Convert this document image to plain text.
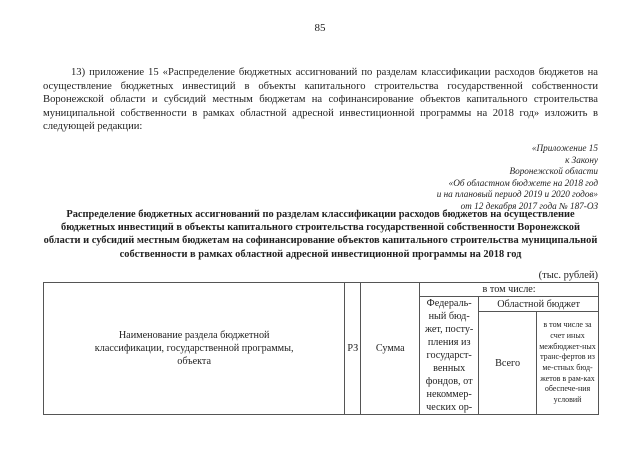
85
13) приложение 15 «Распределение бюджетных ассигнований по разделам классификации расходов бюджетов на осуществление бюджетных инвестиций в объекты капитального строительства государственной собственности Воронежской области и субсидий местным бюджетам на софинансирование объектов капитального строительства муниципальной собственности в рамках областной адресной инвестиционной программы на 2018 год» изложить в следующей редакции:
«Приложение 15
к Закону
Воронежской области
«Об областном бюджете на 2018 год
и на плановый период 2019 и 2020 годов»
от 12 декабря 2017 года № 187-ОЗ
Распределение бюджетных ассигнований по разделам классификации расходов бюджетов на осуществление бюджетных инвестиций в объекты капитального строительства государственной собственности Воронежской области и субсидий местным бюджетам на софинансирование объектов капитального строительства муниципальной собственности в рамках областной адресной инвестиционной программы на 2018 год
(тыс. рублей)
Наименование раздела бюджетной классификации, государственной программы, объекта	РЗ	Сумма	в том числе:		
			Федераль-ный бюд-жет, посту-пления из государст-венных фондов, от некоммер-ческих ор-	Областной бюджет	
				Всего	в том числе за счет иных межбюджет-ных транс-фертов из ме-стных бюд-жетов в рам-ках обеспече-ния условий
